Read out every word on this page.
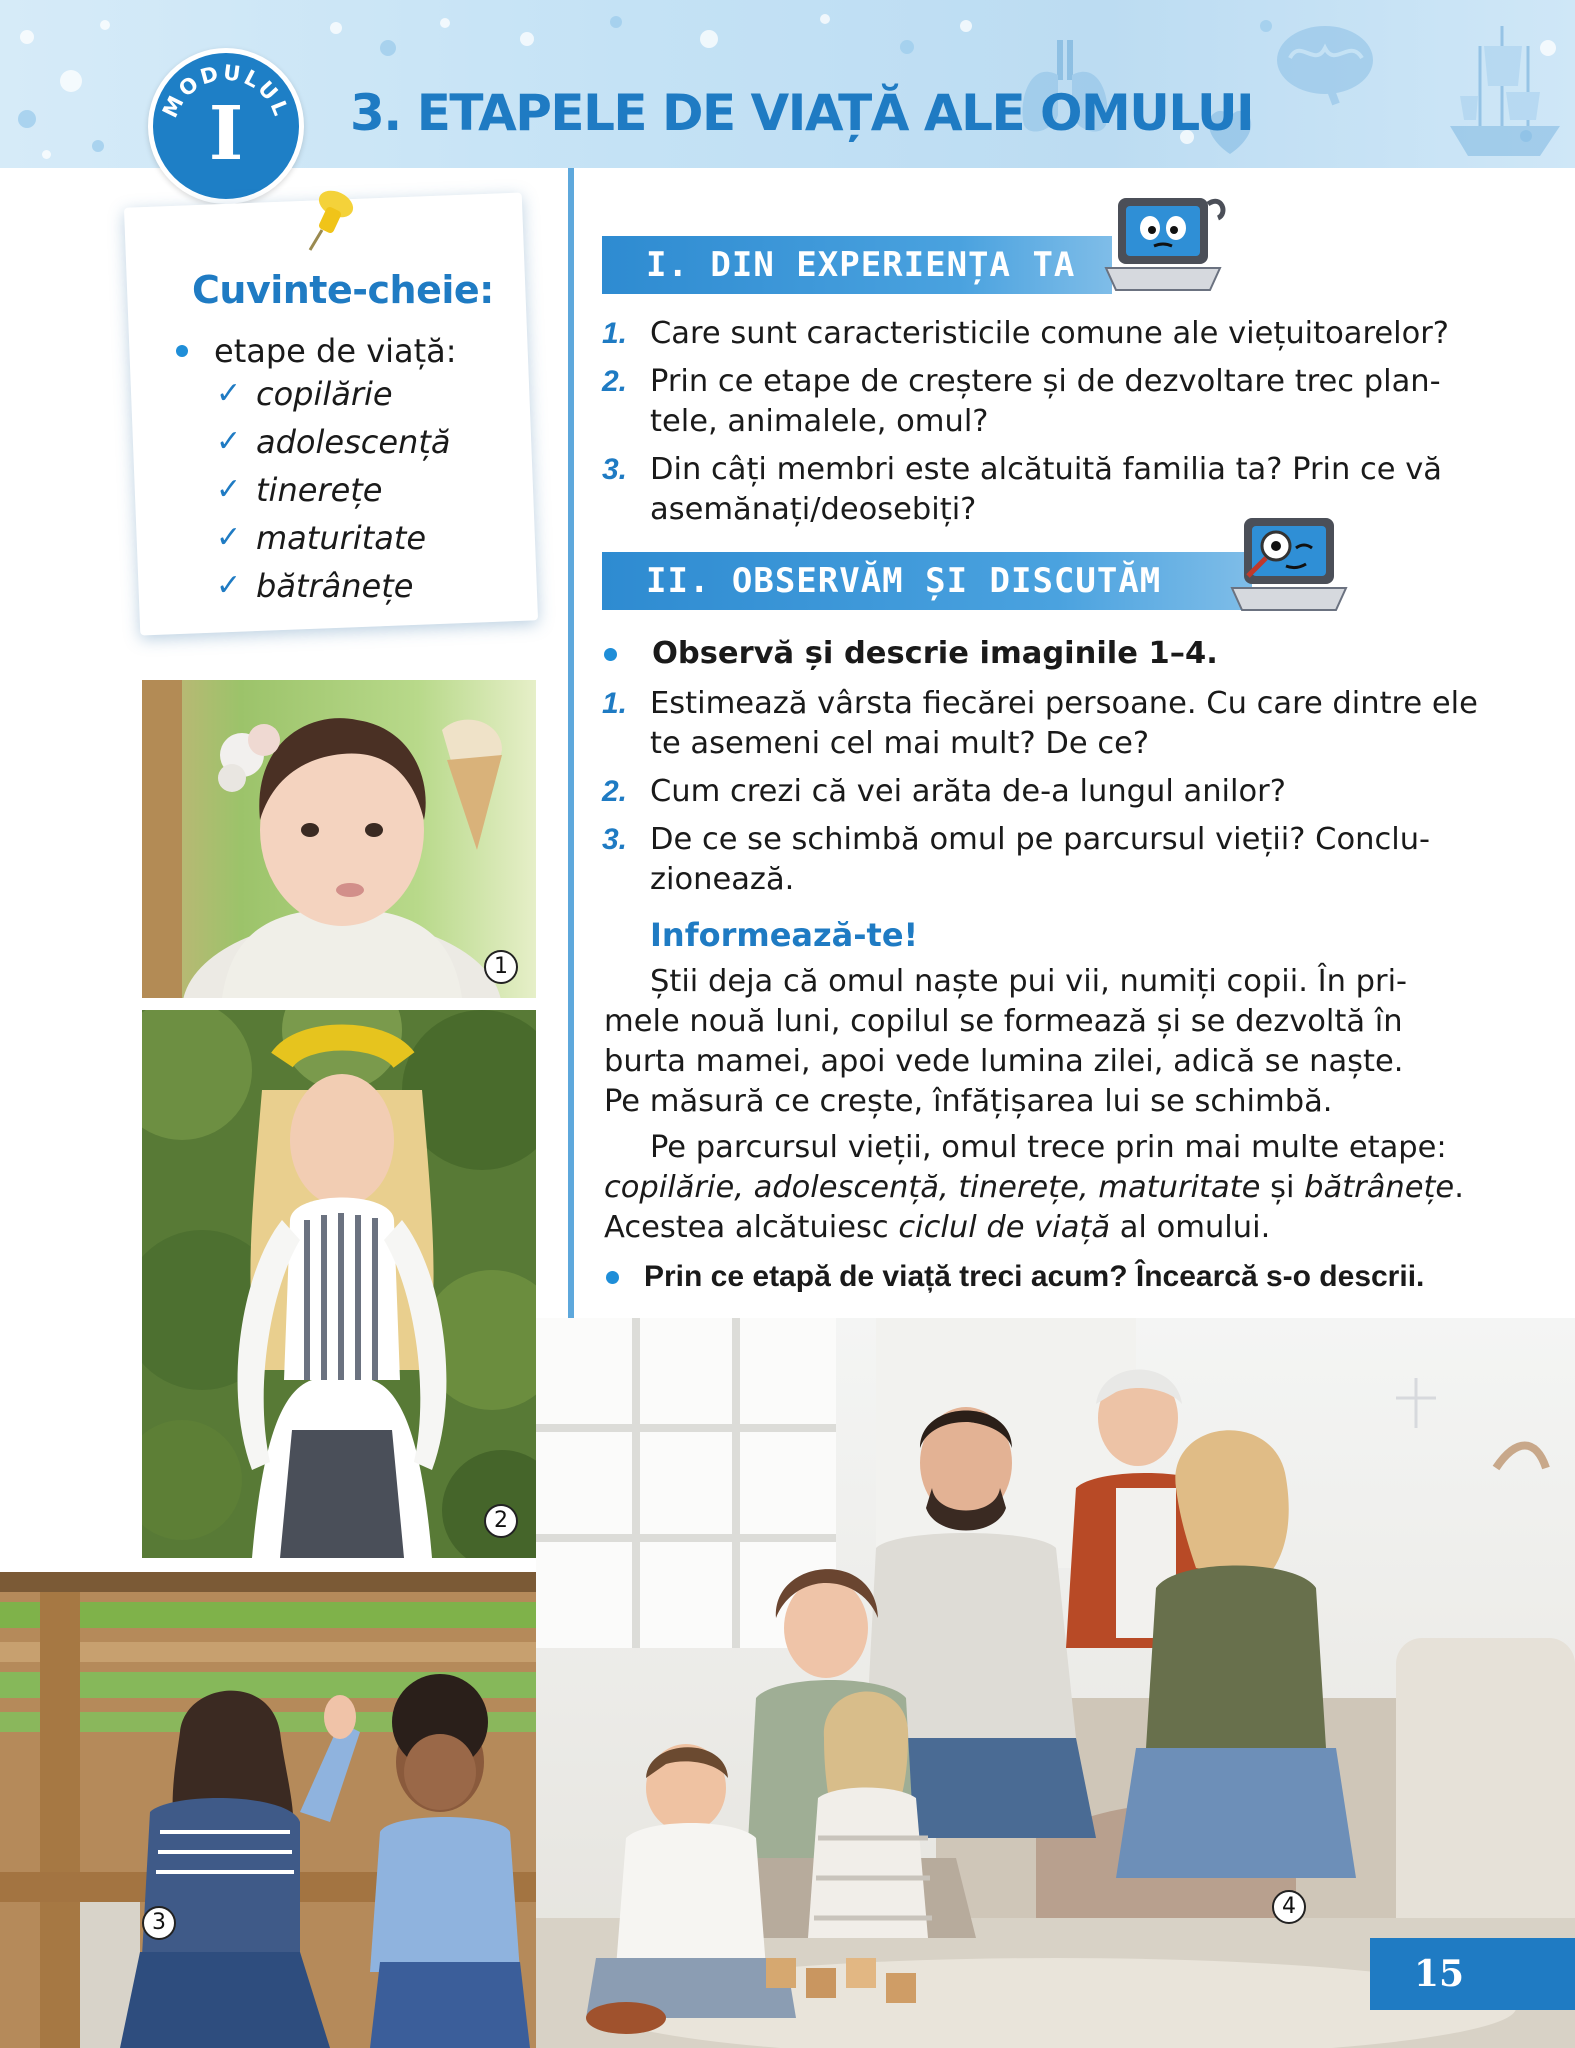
3. ETAPELE DE VIAȚĂ ALE OMULUI
MODULUL
I
Cuvinte-cheie:
etape de viață:
✓ copilărie
✓ adolescență
✓ tinerețe
✓ maturitate
✓ bătrânețe
1
2
3
4
I. DIN EXPERIENȚA TA
1. Care sunt caracteristicile comune ale viețuitoarelor?
2. Prin ce etape de creștere și de dezvoltare trec plan-
tele, animalele, omul?
3. Din câți membri este alcătuită familia ta? Prin ce vă
asemănați/deosebiți?
II. OBSERVĂM ȘI DISCUTĂM
Observă și descrie imaginile 1–4.
1. Estimează vârsta fiecărei persoane. Cu care dintre ele
te asemeni cel mai mult? De ce?
2. Cum crezi că vei arăta de-a lungul anilor?
3. De ce se schimbă omul pe parcursul vieții? Conclu-
zionează.
Informează-te!
Știi deja că omul naște pui vii, numiți copii. În pri-
mele nouă luni, copilul se formează și se dezvoltă în
burta mamei, apoi vede lumina zilei, adică se naște.
Pe măsură ce crește, înfățișarea lui se schimbă.
Pe parcursul vieții, omul trece prin mai multe etape:
copilărie, adolescență, tinerețe, maturitate și bătrânețe.
Acestea alcătuiesc ciclul de viață al omului.
Prin ce etapă de viață treci acum? Încearcă s-o descrii.
15
